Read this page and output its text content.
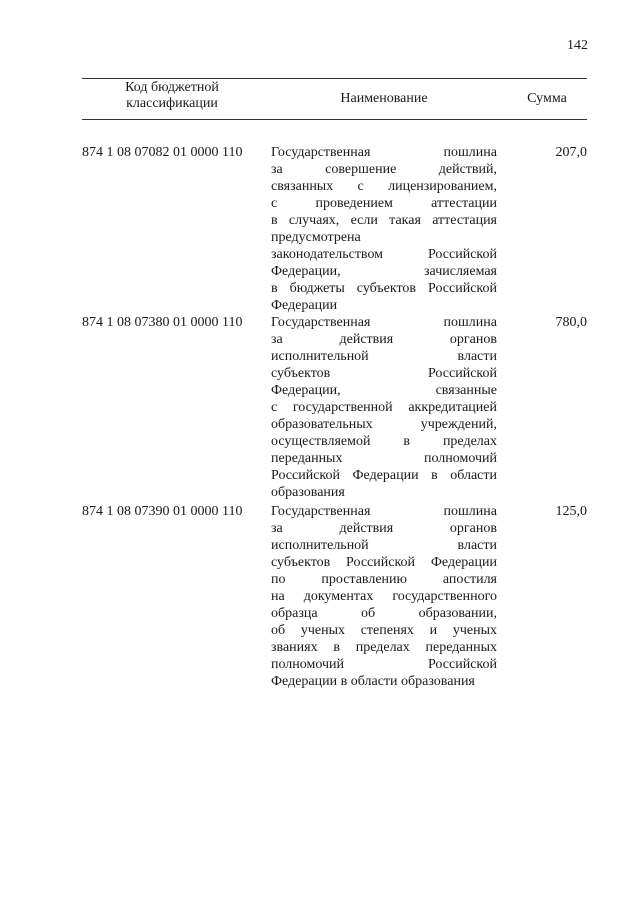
142
Код бюджетной
классификации	Наименование	Сумма
874 1 08 07082 01 0000 110	Государственная пошлина
за совершение действий,
связанных с лицензированием,
с проведением аттестации
в случаях, если такая аттестация
предусмотрена
законодательством Российской
Федерации, зачисляемая
в бюджеты субъектов Российской
Федерации
207,0
874 1 08 07380 01 0000 110	Государственная пошлина
за действия органов
исполнительной власти
субъектов Российской
Федерации, связанные
с государственной аккредитацией
образовательных учреждений,
осуществляемой в пределах
переданных полномочий
Российской Федерации в области
образования
780,0
874 1 08 07390 01 0000 110	Государственная пошлина
за действия органов
исполнительной власти
субъектов Российской Федерации
по проставлению апостиля
на документах государственного
образца об образовании,
об ученых степенях и ученых
званиях в пределах переданных
полномочий Российской
Федерации в области образования
125,0
